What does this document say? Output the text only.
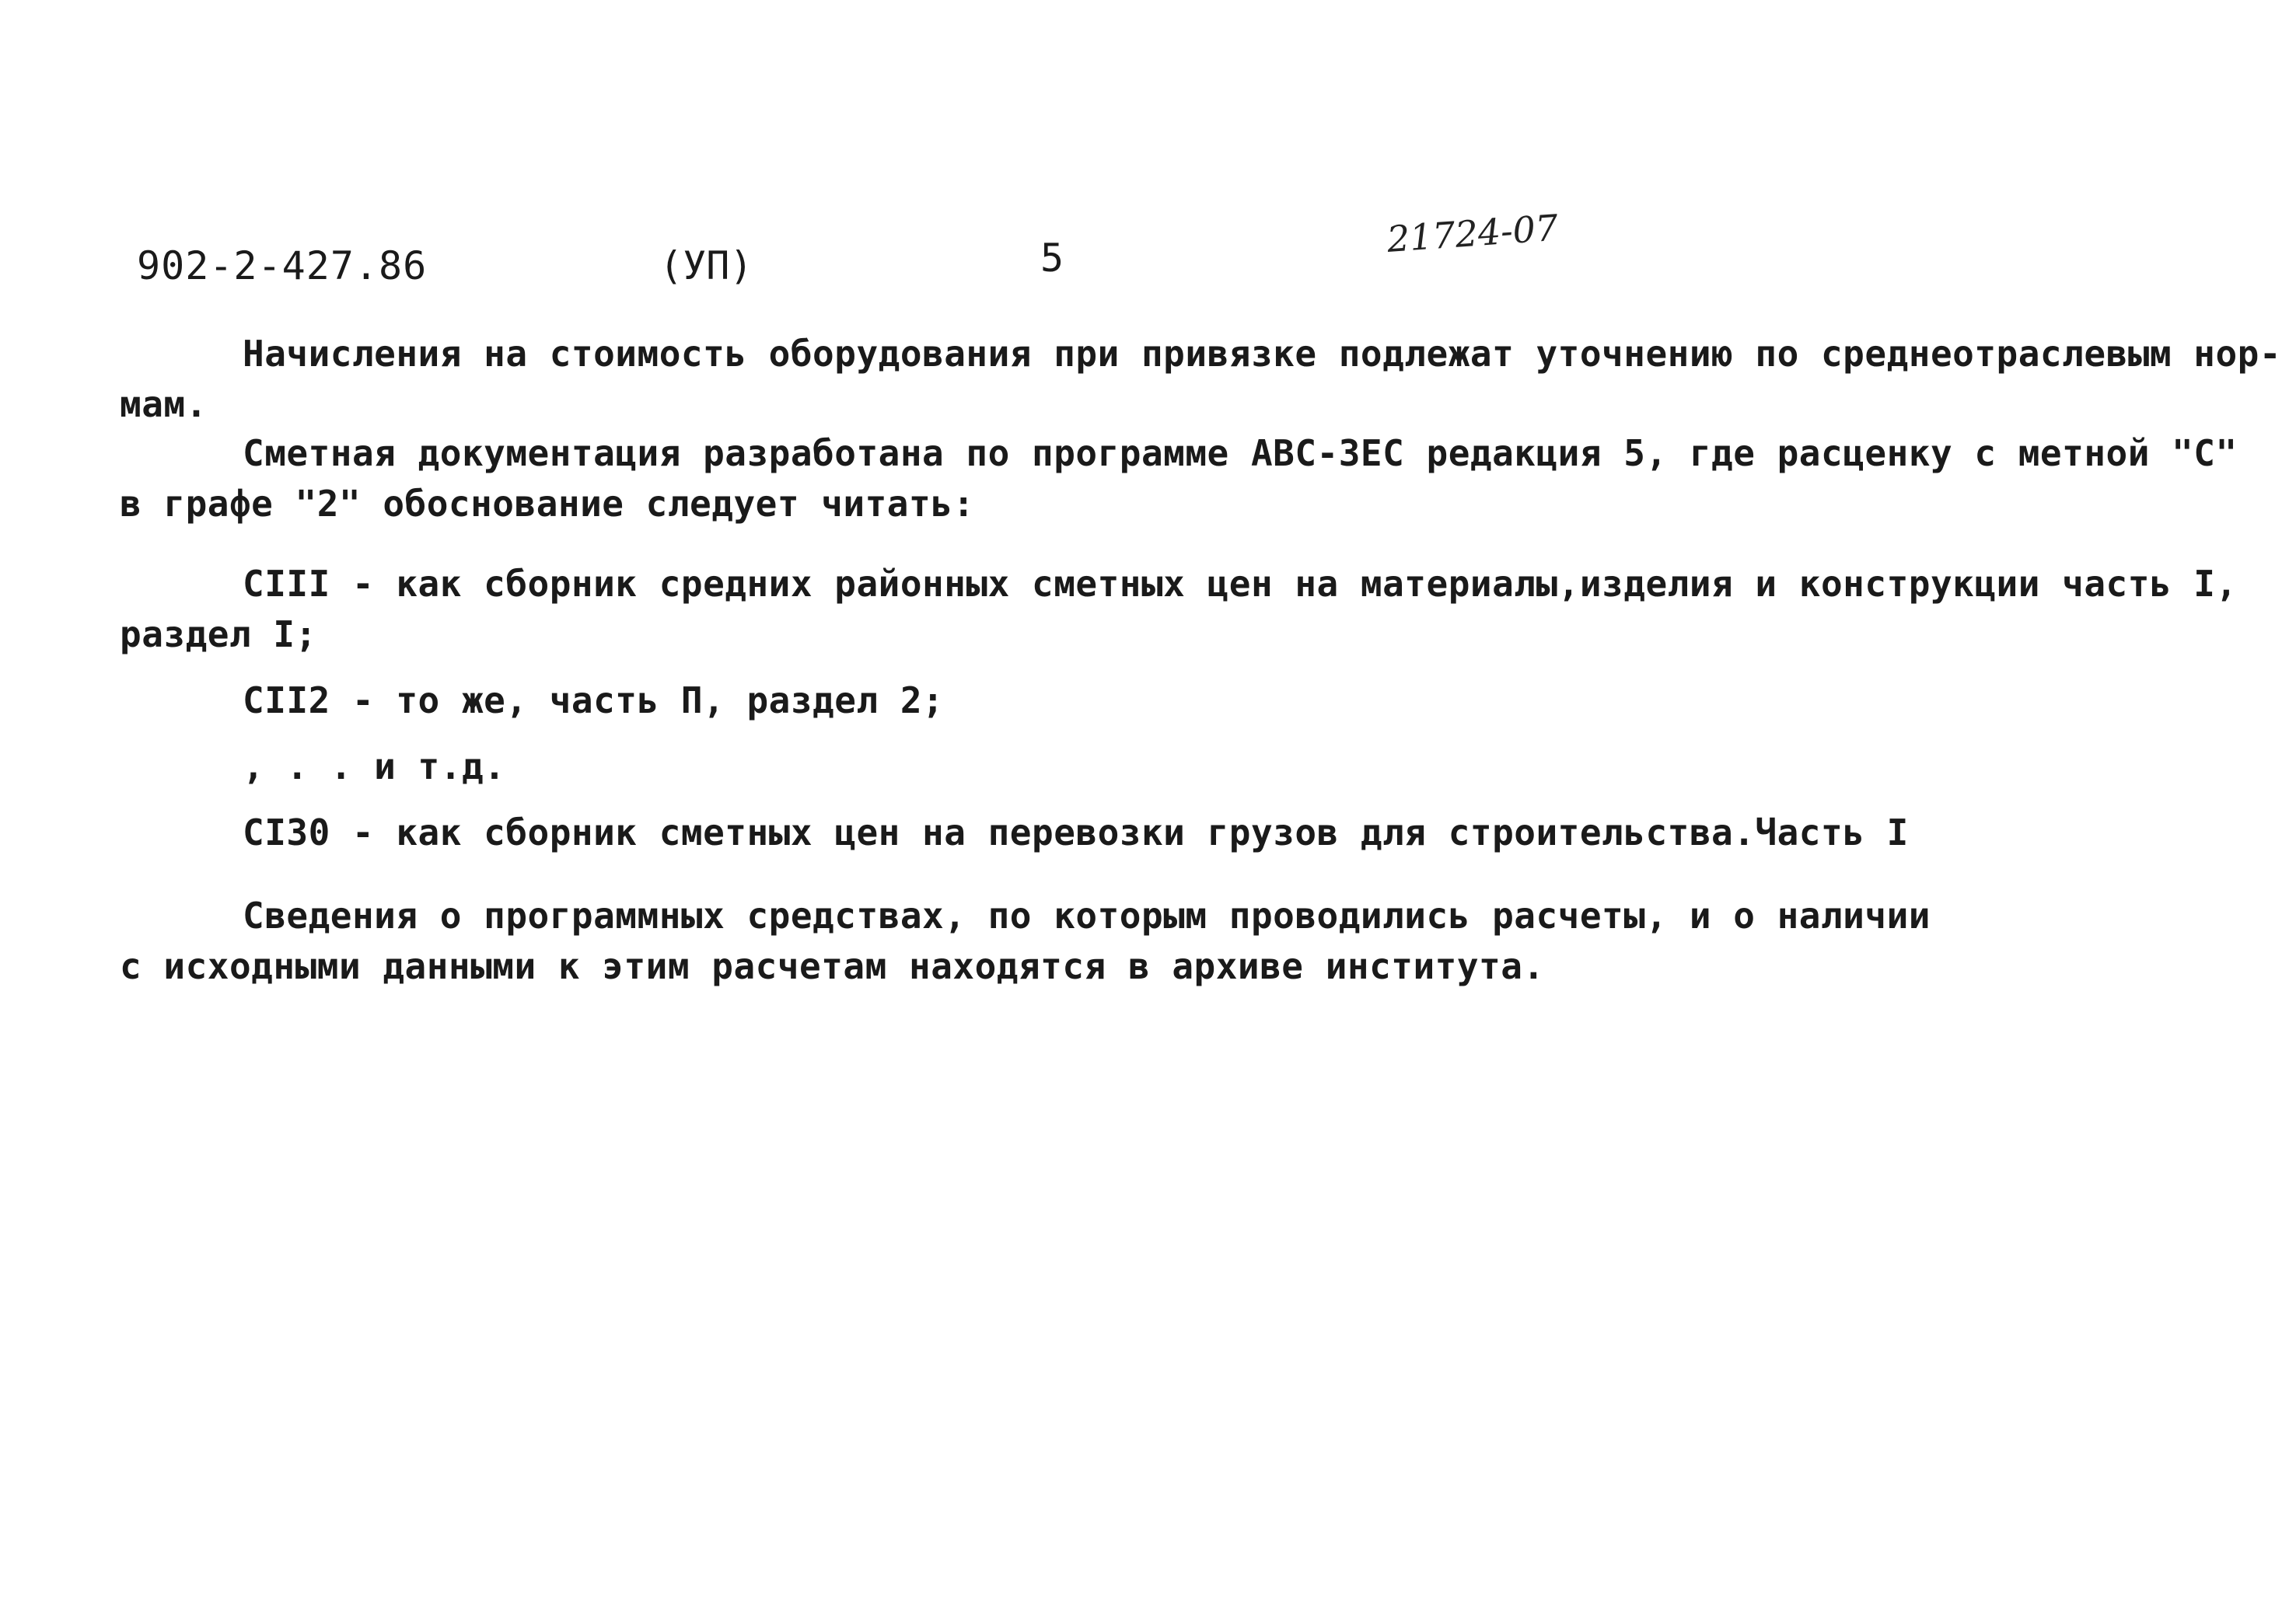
902-2-427.86	(УП)	5	21724-07
Начисления на стоимость оборудования при привязке подлежат уточнению по среднеотраслевым нор-
мам.
Сметная документация разработана по программе АВС-ЗЕС редакция 5, где расценку с метной "С"
в графе "2" обоснование следует читать:
СIII - как сборник средних районных сметных цен на материалы,изделия и конструкции часть I,
раздел I;
СII2 - то же, часть П, раздел 2;
, . . и т.д.
СI30 - как сборник сметных цен на перевозки грузов для строительства.Часть I
Сведения о программных средствах, по которым проводились расчеты, и о наличии
с исходными данными к этим расчетам находятся в архиве института.
